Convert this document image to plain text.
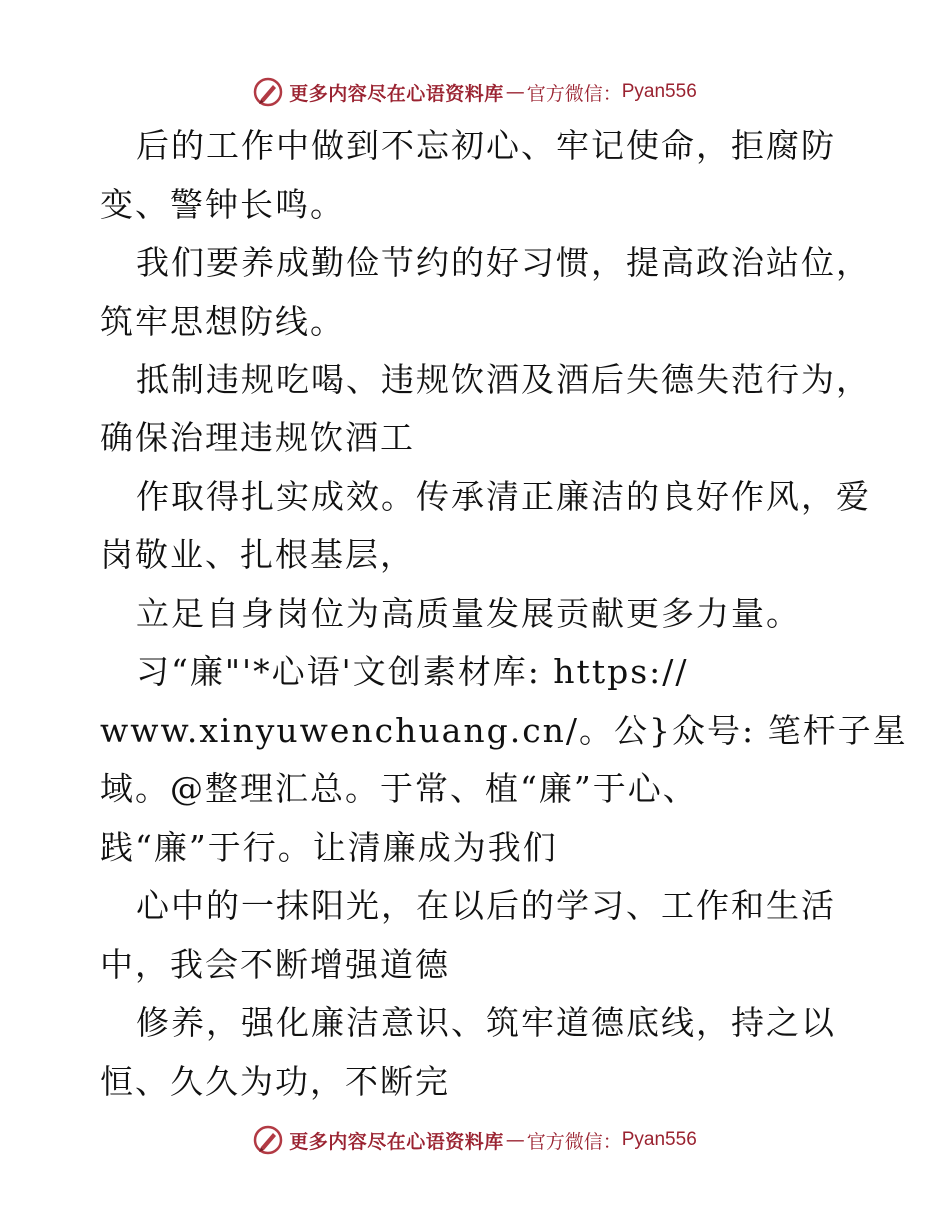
更多内容尽在心语资料库 — 官方微信： Pyan556
后的工作中做到不忘初心、牢记使命，拒腐防
变、警钟长鸣。
我们要养成勤俭节约的好习惯，提高政治站位，
筑牢思想防线。
抵制违规吃喝、违规饮酒及酒后失德失范行为，
确保治理违规饮酒工
作取得扎实成效。传承清正廉洁的良好作风，爱
岗敬业、扎根基层，
立足自身岗位为高质量发展贡献更多力量。
习“廉"'*心语'文创素材库: https://
www.xinyuwenchuang.cn/。公}众号: 笔杆子星
域。@整理汇总。于常、植“廉”于心、
践“廉”于行。让清廉成为我们
心中的一抹阳光，在以后的学习、工作和生活
中，我会不断增强道德
修养，强化廉洁意识、筑牢道德底线，持之以
恒、久久为功，不断完
更多内容尽在心语资料库 — 官方微信： Pyan556
